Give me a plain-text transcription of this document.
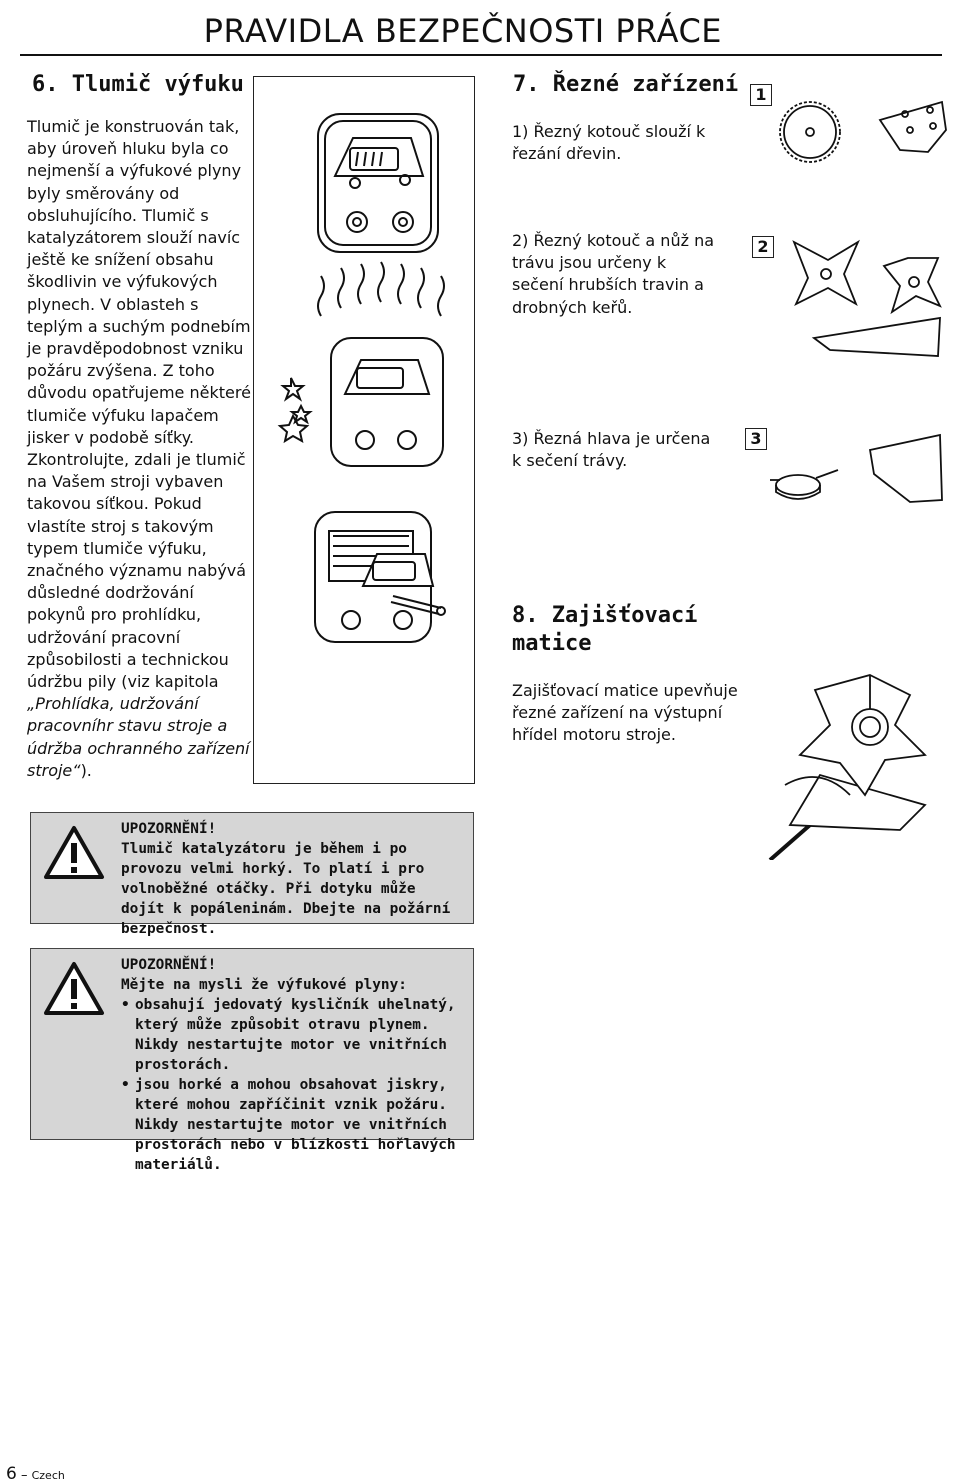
PRAVIDLA BEZPEČNOSTI PRÁCE
6. Tlumič výfuku

Tlumič je konstruován tak, aby úroveň hluku byla co nejmenší a výfukové plyny byly směrovány od obsluhujícího. Tlumič s katalyzátorem slouží navíc ještě ke snížení obsahu škodlivin ve výfukových plynech. V oblasteh s teplým a suchým podnebím je pravděpodobnost vzniku požáru zvýšena. Z toho důvodu opatřujeme některé tlumiče výfuku lapačem jisker v podobě síťky. Zkontrolujte, zdali je tlumič na Vašem stroji vybaven takovou síťkou. Pokud vlastíte stroj s takovým typem tlumiče výfuku, značného významu nabývá důsledné dodržování pokynů pro prohlídku, udržování pracovní způsobilosti a technickou údržbu pily (viz kapitola „Prohlídka, udržování pracovníhr stavu stroje a údržba ochranného zařízení stroje“).

7. Řezné zařízení
1) Řezný kotouč slouží k řezání dřevin.
2) Řezný kotouč a nůž na trávu jsou určeny k sečení hrubších travin a drobných keřů.
3) Řezná hlava je určena k sečení trávy.
1
2
3
8. Zajišťovací
matice
Zajišťovací matice upevňuje řezné zařízení na výstupní hřídel motoru stroje.
UPOZORNĚNÍ!
Tlumič katalyzátoru je během i po provozu velmi horký. To platí i pro volnoběžné otáčky. Při dotyku může dojít k popáleninám. Dbejte na požární bezpečnost.
UPOZORNĚNÍ!
Mějte na mysli že výfukové plyny:
• obsahují jedovatý kysličník uhelnatý, který může způsobit otravu plynem. Nikdy nestartujte motor ve vnitřních prostorách.
• jsou horké a mohou obsahovat jiskry, které mohou zapříčinit vznik požáru. Nikdy nestartujte motor ve vnitřních prostorách nebo v blízkosti hořlavých materiálů.
6 – Czech
